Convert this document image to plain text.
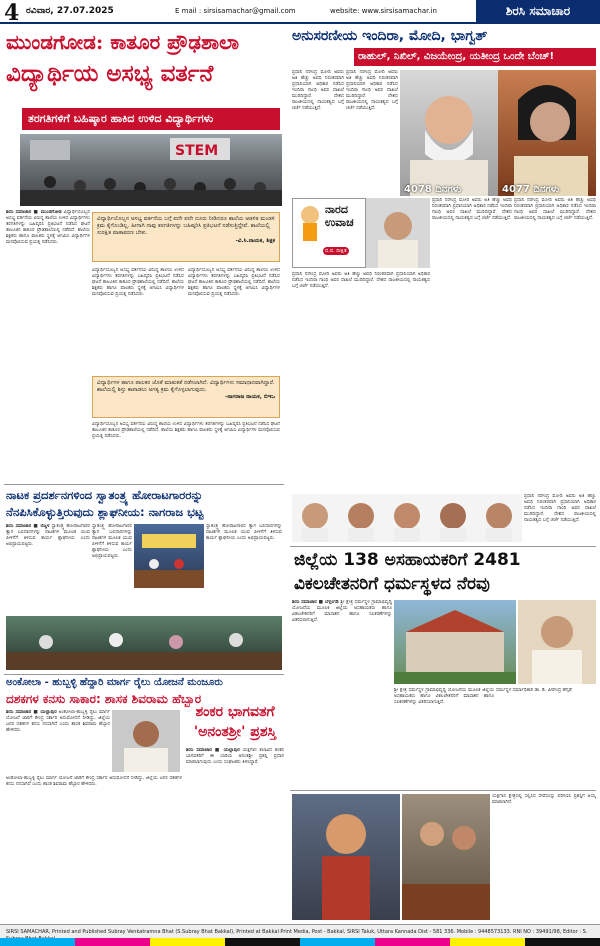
4 ರವಿವಾರ, 27.07.2025	E mail : sirsisamachar@gmail.com	website: www.sirsisamachar.in	ಶಿರಸಿ ಸಮಾಚಾರ
ಮುಂಡಗೋಡ: ಕಾತೂರ ಪ್ರೌಢಶಾಲಾ
ವಿದ್ಯಾರ್ಥಿಯ ಅಸಭ್ಯ ವರ್ತನೆ
ತರಗತಿಗಳಿಗೆ ಬಹಿಷ್ಕಾರ ಹಾಕಿದ ಉಳಿದ ವಿದ್ಯಾರ್ಥಿಗಳು
STEM
ಶಿರಸಿ ಸಮಾಚಾರ ■ ಮುಂಡಗೋಡ ವಿದ್ಯಾರ್ಥಿಯೊಬ್ಬನ ಅಸಭ್ಯ ವರ್ತನೆಯ ವಿರುದ್ಧ ಶಾಲೆಯ ಉಳಿದ ವಿದ್ಯಾರ್ಥಿಗಳು ತರಗತಿಗಳನ್ನು ಬಹಿಷ್ಕರಿಸಿ ಪ್ರತಿಭಟನೆ ನಡೆಸಿದ ಘಟನೆ ತಾಲೂಕಿನ ಕಾತೂರ ಪ್ರೌಢಶಾಲೆಯಲ್ಲಿ ನಡೆದಿದೆ. ಶಾಲೆಯ ಶಿಕ್ಷಕರು ಹಾಗೂ ಪಾಲಕರು ಸ್ಥಳಕ್ಕೆ ಆಗಮಿಸಿ ವಿದ್ಯಾರ್ಥಿಗಳ ಮನವೊಲಿಸುವ ಪ್ರಯತ್ನ ನಡೆಸಿದರು.
ವಿದ್ಯಾರ್ಥಿಯೊಬ್ಬನ ಅಸಭ್ಯ ವರ್ತನೆಯ ಬಗ್ಗೆ ಪದೇ ಪದೇ ದೂರು ನೀಡಿದರೂ ಶಾಲೆಯ ಆಡಳಿತ ಮಂಡಳಿ ಕ್ರಮ ಕೈಗೊಂಡಿಲ್ಲ. ಹೀಗಾಗಿ ನಾವು ತರಗತಿಗಳನ್ನು ಬಹಿಷ್ಕರಿಸಿ ಪ್ರತಿಭಟನೆ ನಡೆಸುತ್ತಿದ್ದೇವೆ. ಶಾಲೆಯಲ್ಲಿ ಸುರಕ್ಷಿತ ವಾತಾವರಣ ಬೇಕು.
-ವಿ.ಸಿ.ನಾಯಕ, ಶಿಕ್ಷಕ
ವಿದ್ಯಾರ್ಥಿಯೊಬ್ಬನ ಅಸಭ್ಯ ವರ್ತನೆಯ ವಿರುದ್ಧ ಶಾಲೆಯ ಉಳಿದ ವಿದ್ಯಾರ್ಥಿಗಳು ತರಗತಿಗಳನ್ನು ಬಹಿಷ್ಕರಿಸಿ ಪ್ರತಿಭಟನೆ ನಡೆಸಿದ ಘಟನೆ ತಾಲೂಕಿನ ಕಾತೂರ ಪ್ರೌಢಶಾಲೆಯಲ್ಲಿ ನಡೆದಿದೆ. ಶಾಲೆಯ ಶಿಕ್ಷಕರು ಹಾಗೂ ಪಾಲಕರು ಸ್ಥಳಕ್ಕೆ ಆಗಮಿಸಿ ವಿದ್ಯಾರ್ಥಿಗಳ ಮನವೊಲಿಸುವ ಪ್ರಯತ್ನ ನಡೆಸಿದರು.
ವಿದ್ಯಾರ್ಥಿಯೊಬ್ಬನ ಅಸಭ್ಯ ವರ್ತನೆಯ ವಿರುದ್ಧ ಶಾಲೆಯ ಉಳಿದ ವಿದ್ಯಾರ್ಥಿಗಳು ತರಗತಿಗಳನ್ನು ಬಹಿಷ್ಕರಿಸಿ ಪ್ರತಿಭಟನೆ ನಡೆಸಿದ ಘಟನೆ ತಾಲೂಕಿನ ಕಾತೂರ ಪ್ರೌಢಶಾಲೆಯಲ್ಲಿ ನಡೆದಿದೆ. ಶಾಲೆಯ ಶಿಕ್ಷಕರು ಹಾಗೂ ಪಾಲಕರು ಸ್ಥಳಕ್ಕೆ ಆಗಮಿಸಿ ವಿದ್ಯಾರ್ಥಿಗಳ ಮನವೊಲಿಸುವ ಪ್ರಯತ್ನ ನಡೆಸಿದರು.
ವಿದ್ಯಾರ್ಥಿಗಳ ಹಾಗೂ ಪಾಲಕರ ಜೊತೆ ಮಾತುಕತೆ ನಡೆಸಲಾಗಿದೆ. ವಿದ್ಯಾರ್ಥಿಗಳು ಸಮಾಧಾನವಾಗಿದ್ದಾರೆ. ಶಾಲೆಯಲ್ಲಿ ಶಿಸ್ತು ಕಾಪಾಡಲು ಅಗತ್ಯ ಕ್ರಮ ಕೈಗೊಳ್ಳಲಾಗುವುದು.
-ನಾಗರಾಜ ನಾಯಕ, ಬಿಇಒ
ವಿದ್ಯಾರ್ಥಿಯೊಬ್ಬನ ಅಸಭ್ಯ ವರ್ತನೆಯ ವಿರುದ್ಧ ಶಾಲೆಯ ಉಳಿದ ವಿದ್ಯಾರ್ಥಿಗಳು ತರಗತಿಗಳನ್ನು ಬಹಿಷ್ಕರಿಸಿ ಪ್ರತಿಭಟನೆ ನಡೆಸಿದ ಘಟನೆ ತಾಲೂಕಿನ ಕಾತೂರ ಪ್ರೌಢಶಾಲೆಯಲ್ಲಿ ನಡೆದಿದೆ. ಶಾಲೆಯ ಶಿಕ್ಷಕರು ಹಾಗೂ ಪಾಲಕರು ಸ್ಥಳಕ್ಕೆ ಆಗಮಿಸಿ ವಿದ್ಯಾರ್ಥಿಗಳ ಮನವೊಲಿಸುವ ಪ್ರಯತ್ನ ನಡೆಸಿದರು.
ನಾಟಕ ಪ್ರದರ್ಶನಗಳಿಂದ ಸ್ವಾತಂತ್ರ್ಯ ಹೋರಾಟಗಾರರನ್ನು
ನೆನಪಿಸಿಕೊಳ್ಳುತ್ತಿರುವುದು ಶ್ಲಾಘನೀಯ: ನಾಗರಾಜ ಭಟ್ಟ
ಶಿರಸಿ ಸಮಾಚಾರ ■ ಬಿಜ್ಜಳ ಸ್ವಾತಂತ್ರ್ಯ ಹೋರಾಟಗಾರರ ತ್ಯಾಗ ಬಲಿದಾನಗಳನ್ನು ನಾಟಕಗಳ ಮೂಲಕ ಯುವ ಪೀಳಿಗೆಗೆ ತಿಳಿಸುವ ಕಾರ್ಯ ಶ್ಲಾಘನೀಯ ಎಂದು ಅಭಿಪ್ರಾಯಪಟ್ಟರು.
ಸ್ವಾತಂತ್ರ್ಯ ಹೋರಾಟಗಾರರ ತ್ಯಾಗ ಬಲಿದಾನಗಳನ್ನು ನಾಟಕಗಳ ಮೂಲಕ ಯುವ ಪೀಳಿಗೆಗೆ ತಿಳಿಸುವ ಕಾರ್ಯ ಶ್ಲಾಘನೀಯ ಎಂದು ಅಭಿಪ್ರಾಯಪಟ್ಟರು.
ಸ್ವಾತಂತ್ರ್ಯ ಹೋರಾಟಗಾರರ ತ್ಯಾಗ ಬಲಿದಾನಗಳನ್ನು ನಾಟಕಗಳ ಮೂಲಕ ಯುವ ಪೀಳಿಗೆಗೆ ತಿಳಿಸುವ ಕಾರ್ಯ ಶ್ಲಾಘನೀಯ ಎಂದು ಅಭಿಪ್ರಾಯಪಟ್ಟರು.
ಅಂಕೋಲಾ - ಹುಬ್ಬಳ್ಳಿ ಹೆದ್ದಾರಿ ಮಾರ್ಗ ರೈಲು ಯೋಜನೆ ಮಂಜೂರು
ದಶಕಗಳ ಕನಸು ಸಾಕಾರ: ಶಾಸಕ ಶಿವರಾಮ ಹೆಬ್ಬಾರ
ಶಿರಸಿ ಸಮಾಚಾರ ■ ಯಲ್ಲಾಪುರ ಅಂಕೋಲಾ-ಹುಬ್ಬಳ್ಳಿ ರೈಲು ಮಾರ್ಗ ಯೋಜನೆ ಜಾರಿಗೆ ಕೇಂದ್ರ ಸರ್ಕಾರ ಅನುಮೋದನೆ ನೀಡಿದ್ದು, ಜಿಲ್ಲೆಯ ಜನರ ದಶಕಗಳ ಕನಸು ನನಸಾಗಿದೆ ಎಂದು ಶಾಸಕ ಶಿವರಾಮ ಹೆಬ್ಬಾರ ಹೇಳಿದರು.
ಅಂಕೋಲಾ-ಹುಬ್ಬಳ್ಳಿ ರೈಲು ಮಾರ್ಗ ಯೋಜನೆ ಜಾರಿಗೆ ಕೇಂದ್ರ ಸರ್ಕಾರ ಅನುಮೋದನೆ ನೀಡಿದ್ದು, ಜಿಲ್ಲೆಯ ಜನರ ದಶಕಗಳ ಕನಸು ನನಸಾಗಿದೆ ಎಂದು ಶಾಸಕ ಶಿವರಾಮ ಹೆಬ್ಬಾರ ಹೇಳಿದರು.
ಶಂಕರ ಭಾಗವತಗೆ
'ಅನಂತಶ್ರೀ' ಪ್ರಶಸ್ತಿ
ಶಿರಸಿ ಸಮಾಚಾರ ■ ಯಲ್ಲಾಪುರ ಯಕ್ಷಗಾನ ಕಲಾವಿದ ಶಂಕರ ಭಾಗವತರಿಗೆ ಈ ಬಾರಿಯ ಅನಂತಶ್ರೀ ಪ್ರಶಸ್ತಿ ಪ್ರದಾನ ಮಾಡಲಾಗುವುದು ಎಂದು ಸಂಘಟಕರು ತಿಳಿಸಿದ್ದಾರೆ.
ಅನುಸರಣೀಯ ಇಂದಿರಾ, ಮೋದಿ, ಭಾಗ್ವತ್
ರಾಹುಲ್, ನಿಖಿಲ್, ವಿಜಯೇಂದ್ರ, ಯತೀಂದ್ರ ಒಂದೇ ಬೆಂಚ್!
ಪ್ರಧಾನಿ ನರೇಂದ್ರ ಮೋದಿ ಅವರು ಅತಿ ಹೆಚ್ಚು ಅವಧಿ ನಿರಂತರವಾಗಿ ಪ್ರಧಾನಿಯಾಗಿ ಅಧಿಕಾರ ನಡೆಸಿದ ಇಂದಿರಾ ಗಾಂಧಿ ಅವರ ದಾಖಲೆ ಮುರಿದಿದ್ದಾರೆ. ದೇಶದ ರಾಜಕೀಯದಲ್ಲಿ ನಾಯಕತ್ವದ ಬಗ್ಗೆ ಚರ್ಚೆ ನಡೆಯುತ್ತಿದೆ.
ಪ್ರಧಾನಿ ನರೇಂದ್ರ ಮೋದಿ ಅವರು ಅತಿ ಹೆಚ್ಚು ಅವಧಿ ನಿರಂತರವಾಗಿ ಪ್ರಧಾನಿಯಾಗಿ ಅಧಿಕಾರ ನಡೆಸಿದ ಇಂದಿರಾ ಗಾಂಧಿ ಅವರ ದಾಖಲೆ ಮುರಿದಿದ್ದಾರೆ. ದೇಶದ ರಾಜಕೀಯದಲ್ಲಿ ನಾಯಕತ್ವದ ಬಗ್ಗೆ ಚರ್ಚೆ ನಡೆಯುತ್ತಿದೆ.
4078 ದಿನಗಳು	4077 ದಿನಗಳು
ನಾರದ ಉವಾಚ
ದ.ಪ. ದೀಕ್ಷಿತ
ಪ್ರಧಾನಿ ನರೇಂದ್ರ ಮೋದಿ ಅವರು ಅತಿ ಹೆಚ್ಚು ಅವಧಿ ನಿರಂತರವಾಗಿ ಪ್ರಧಾನಿಯಾಗಿ ಅಧಿಕಾರ ನಡೆಸಿದ ಇಂದಿರಾ ಗಾಂಧಿ ಅವರ ದಾಖಲೆ ಮುರಿದಿದ್ದಾರೆ. ದೇಶದ ರಾಜಕೀಯದಲ್ಲಿ ನಾಯಕತ್ವದ ಬಗ್ಗೆ ಚರ್ಚೆ ನಡೆಯುತ್ತಿದೆ.
ಪ್ರಧಾನಿ ನರೇಂದ್ರ ಮೋದಿ ಅವರು ಅತಿ ಹೆಚ್ಚು ಅವಧಿ ನಿರಂತರವಾಗಿ ಪ್ರಧಾನಿಯಾಗಿ ಅಧಿಕಾರ ನಡೆಸಿದ ಇಂದಿರಾ ಗಾಂಧಿ ಅವರ ದಾಖಲೆ ಮುರಿದಿದ್ದಾರೆ. ದೇಶದ ರಾಜಕೀಯದಲ್ಲಿ ನಾಯಕತ್ವದ ಬಗ್ಗೆ ಚರ್ಚೆ ನಡೆಯುತ್ತಿದೆ.
ಪ್ರಧಾನಿ ನರೇಂದ್ರ ಮೋದಿ ಅವರು ಅತಿ ಹೆಚ್ಚು ಅವಧಿ ನಿರಂತರವಾಗಿ ಪ್ರಧಾನಿಯಾಗಿ ಅಧಿಕಾರ ನಡೆಸಿದ ಇಂದಿರಾ ಗಾಂಧಿ ಅವರ ದಾಖಲೆ ಮುರಿದಿದ್ದಾರೆ. ದೇಶದ ರಾಜಕೀಯದಲ್ಲಿ ನಾಯಕತ್ವದ ಬಗ್ಗೆ ಚರ್ಚೆ ನಡೆಯುತ್ತಿದೆ.
ಪ್ರಧಾನಿ ನರೇಂದ್ರ ಮೋದಿ ಅವರು ಅತಿ ಹೆಚ್ಚು ಅವಧಿ ನಿರಂತರವಾಗಿ ಪ್ರಧಾನಿಯಾಗಿ ಅಧಿಕಾರ ನಡೆಸಿದ ಇಂದಿರಾ ಗಾಂಧಿ ಅವರ ದಾಖಲೆ ಮುರಿದಿದ್ದಾರೆ. ದೇಶದ ರಾಜಕೀಯದಲ್ಲಿ ನಾಯಕತ್ವದ ಬಗ್ಗೆ ಚರ್ಚೆ ನಡೆಯುತ್ತಿದೆ.
ಜಿಲ್ಲೆಯ 138 ಅಸಹಾಯಕರಿಗೆ 2481
ವಿಕಲಚೇತನರಿಗೆ ಧರ್ಮಸ್ಥಳದ ನೆರವು
ಶಿರಸಿ ಸಮಾಚಾರ ■ ಬೆಳ್ತಂಗಡಿ ಶ್ರೀ ಕ್ಷೇತ್ರ ಧರ್ಮಸ್ಥಳ ಗ್ರಾಮಾಭಿವೃದ್ಧಿ ಯೋಜನೆಯ ಮೂಲಕ ಜಿಲ್ಲೆಯ ಅಸಹಾಯಕರು ಹಾಗೂ ವಿಕಲಚೇತನರಿಗೆ ಮಾಸಾಶನ ಹಾಗೂ ಸಲಕರಣೆಗಳನ್ನು ವಿತರಿಸಲಾಗುತ್ತಿದೆ.
ಶ್ರೀ ಕ್ಷೇತ್ರ ಧರ್ಮಸ್ಥಳ ಗ್ರಾಮಾಭಿವೃದ್ಧಿ ಯೋಜನೆಯ ಮೂಲಕ ಜಿಲ್ಲೆಯ ಅಸಹಾಯಕರು ಹಾಗೂ ವಿಕಲಚೇತನರಿಗೆ ಮಾಸಾಶನ ಹಾಗೂ ಸಲಕರಣೆಗಳನ್ನು ವಿತರಿಸಲಾಗುತ್ತಿದೆ.
ಧರ್ಮಸ್ಥಳ ಧರ್ಮಾಧಿಕಾರಿ ಡಾ. ಡಿ. ವೀರೇಂದ್ರ ಹೆಗ್ಗಡೆ
ಯಕ್ಷಗಾನ ಕ್ಷೇತ್ರದಲ್ಲಿ ಸಲ್ಲಿಸಿದ ಸೇವೆಯನ್ನು ಪರಿಗಣಿಸಿ ಪ್ರಶಸ್ತಿಗೆ ಆಯ್ಕೆ ಮಾಡಲಾಗಿದೆ.
SIRSI SAMACHAR, Printed and Published Subray Venkatramna Bhat (S.Subray Bhat Bakkal), Printed at Bakkal Print Media, Post - Bakkal, SIRSI Taluk, Uttara Kannada Dist - 581 336. Mobile : 9448573133. RNI NO : 39491/98, Editor : S.
